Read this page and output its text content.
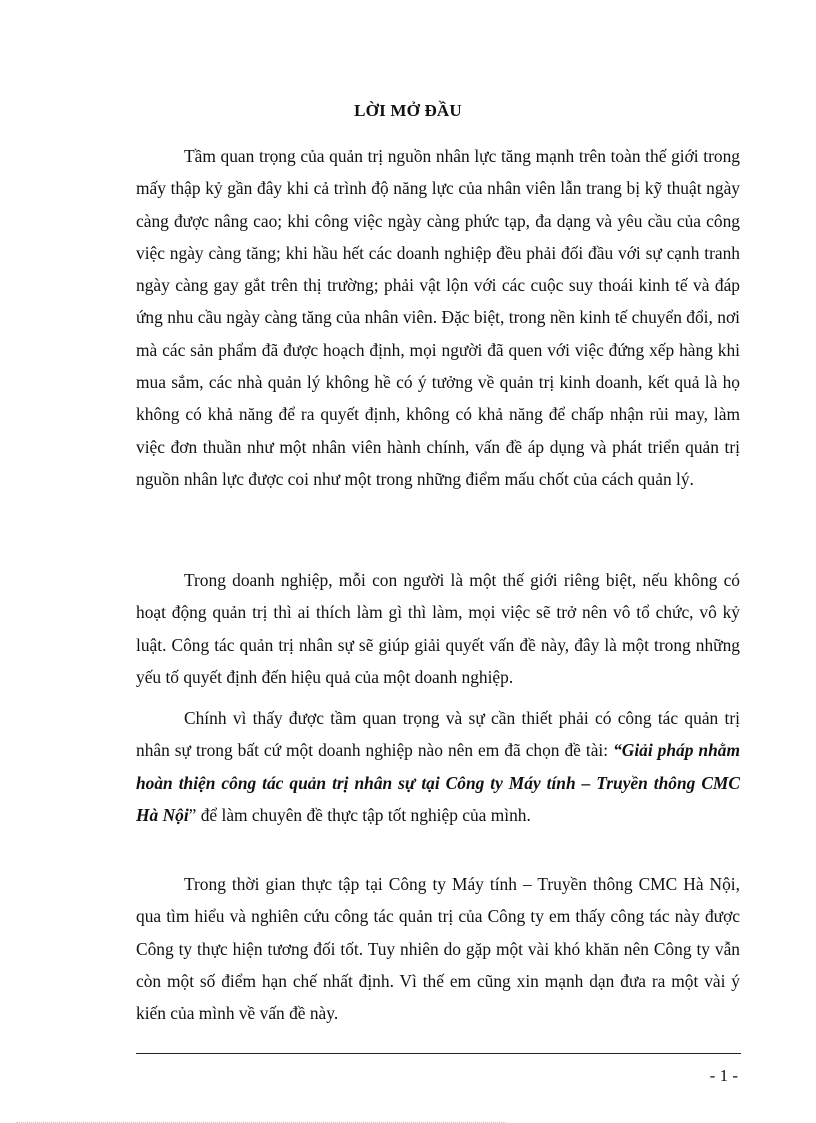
LỜI MỞ ĐẦU

Tầm quan trọng của quản trị nguồn nhân lực tăng mạnh trên toàn thế giới trong mấy thập kỷ gần đây khi cả trình độ năng lực của nhân viên lẫn trang bị kỹ thuật ngày càng được nâng cao; khi công việc ngày càng phức tạp, đa dạng và yêu cầu của công việc ngày càng tăng; khi hầu hết các doanh nghiệp đều phải đối đầu với sự cạnh tranh ngày càng gay gắt trên thị trường; phải vật lộn với các cuộc suy thoái kinh tế và đáp ứng nhu cầu ngày càng tăng của nhân viên. Đặc biệt, trong nền kinh tế chuyển đổi, nơi mà các sản phẩm đã được hoạch định, mọi người đã quen với việc đứng xếp hàng khi mua sắm, các nhà quản lý không hề có ý tưởng về quản trị kinh doanh, kết quả là họ không có khả năng để ra quyết định, không có khả năng để chấp nhận rủi may, làm việc đơn thuần như một nhân viên hành chính, vấn đề áp dụng và phát triển quản trị nguồn nhân lực được coi như một trong những điểm mấu chốt của cách quản lý.

Trong doanh nghiệp, mỗi con người là một thế giới riêng biệt, nếu không có hoạt động quản trị thì ai thích làm gì thì làm, mọi việc sẽ trở nên vô tổ chức, vô kỷ luật. Công tác quản trị nhân sự sẽ giúp giải quyết vấn đề này, đây là một trong những yếu tố quyết định đến hiệu quả của một doanh nghiệp.

Chính vì thấy được tầm quan trọng và sự cần thiết phải có công tác quản trị nhân sự trong bất cứ một doanh nghiệp nào nên em đã chọn đề tài: “Giải pháp nhằm hoàn thiện công tác quản trị nhân sự tại Công ty Máy tính – Truyền thông CMC Hà Nội” để làm chuyên đề thực tập tốt nghiệp của mình.

Trong thời gian thực tập tại Công ty Máy tính – Truyền thông CMC Hà Nội, qua tìm hiểu và nghiên cứu công tác quản trị của Công ty em thấy công tác này được Công ty thực hiện tương đối tốt. Tuy nhiên do gặp một vài khó khăn nên Công ty vẫn còn một số điểm hạn chế nhất định. Vì thế em cũng xin mạnh dạn đưa ra một vài ý kiến của mình về vấn đề này.

- 1 -
